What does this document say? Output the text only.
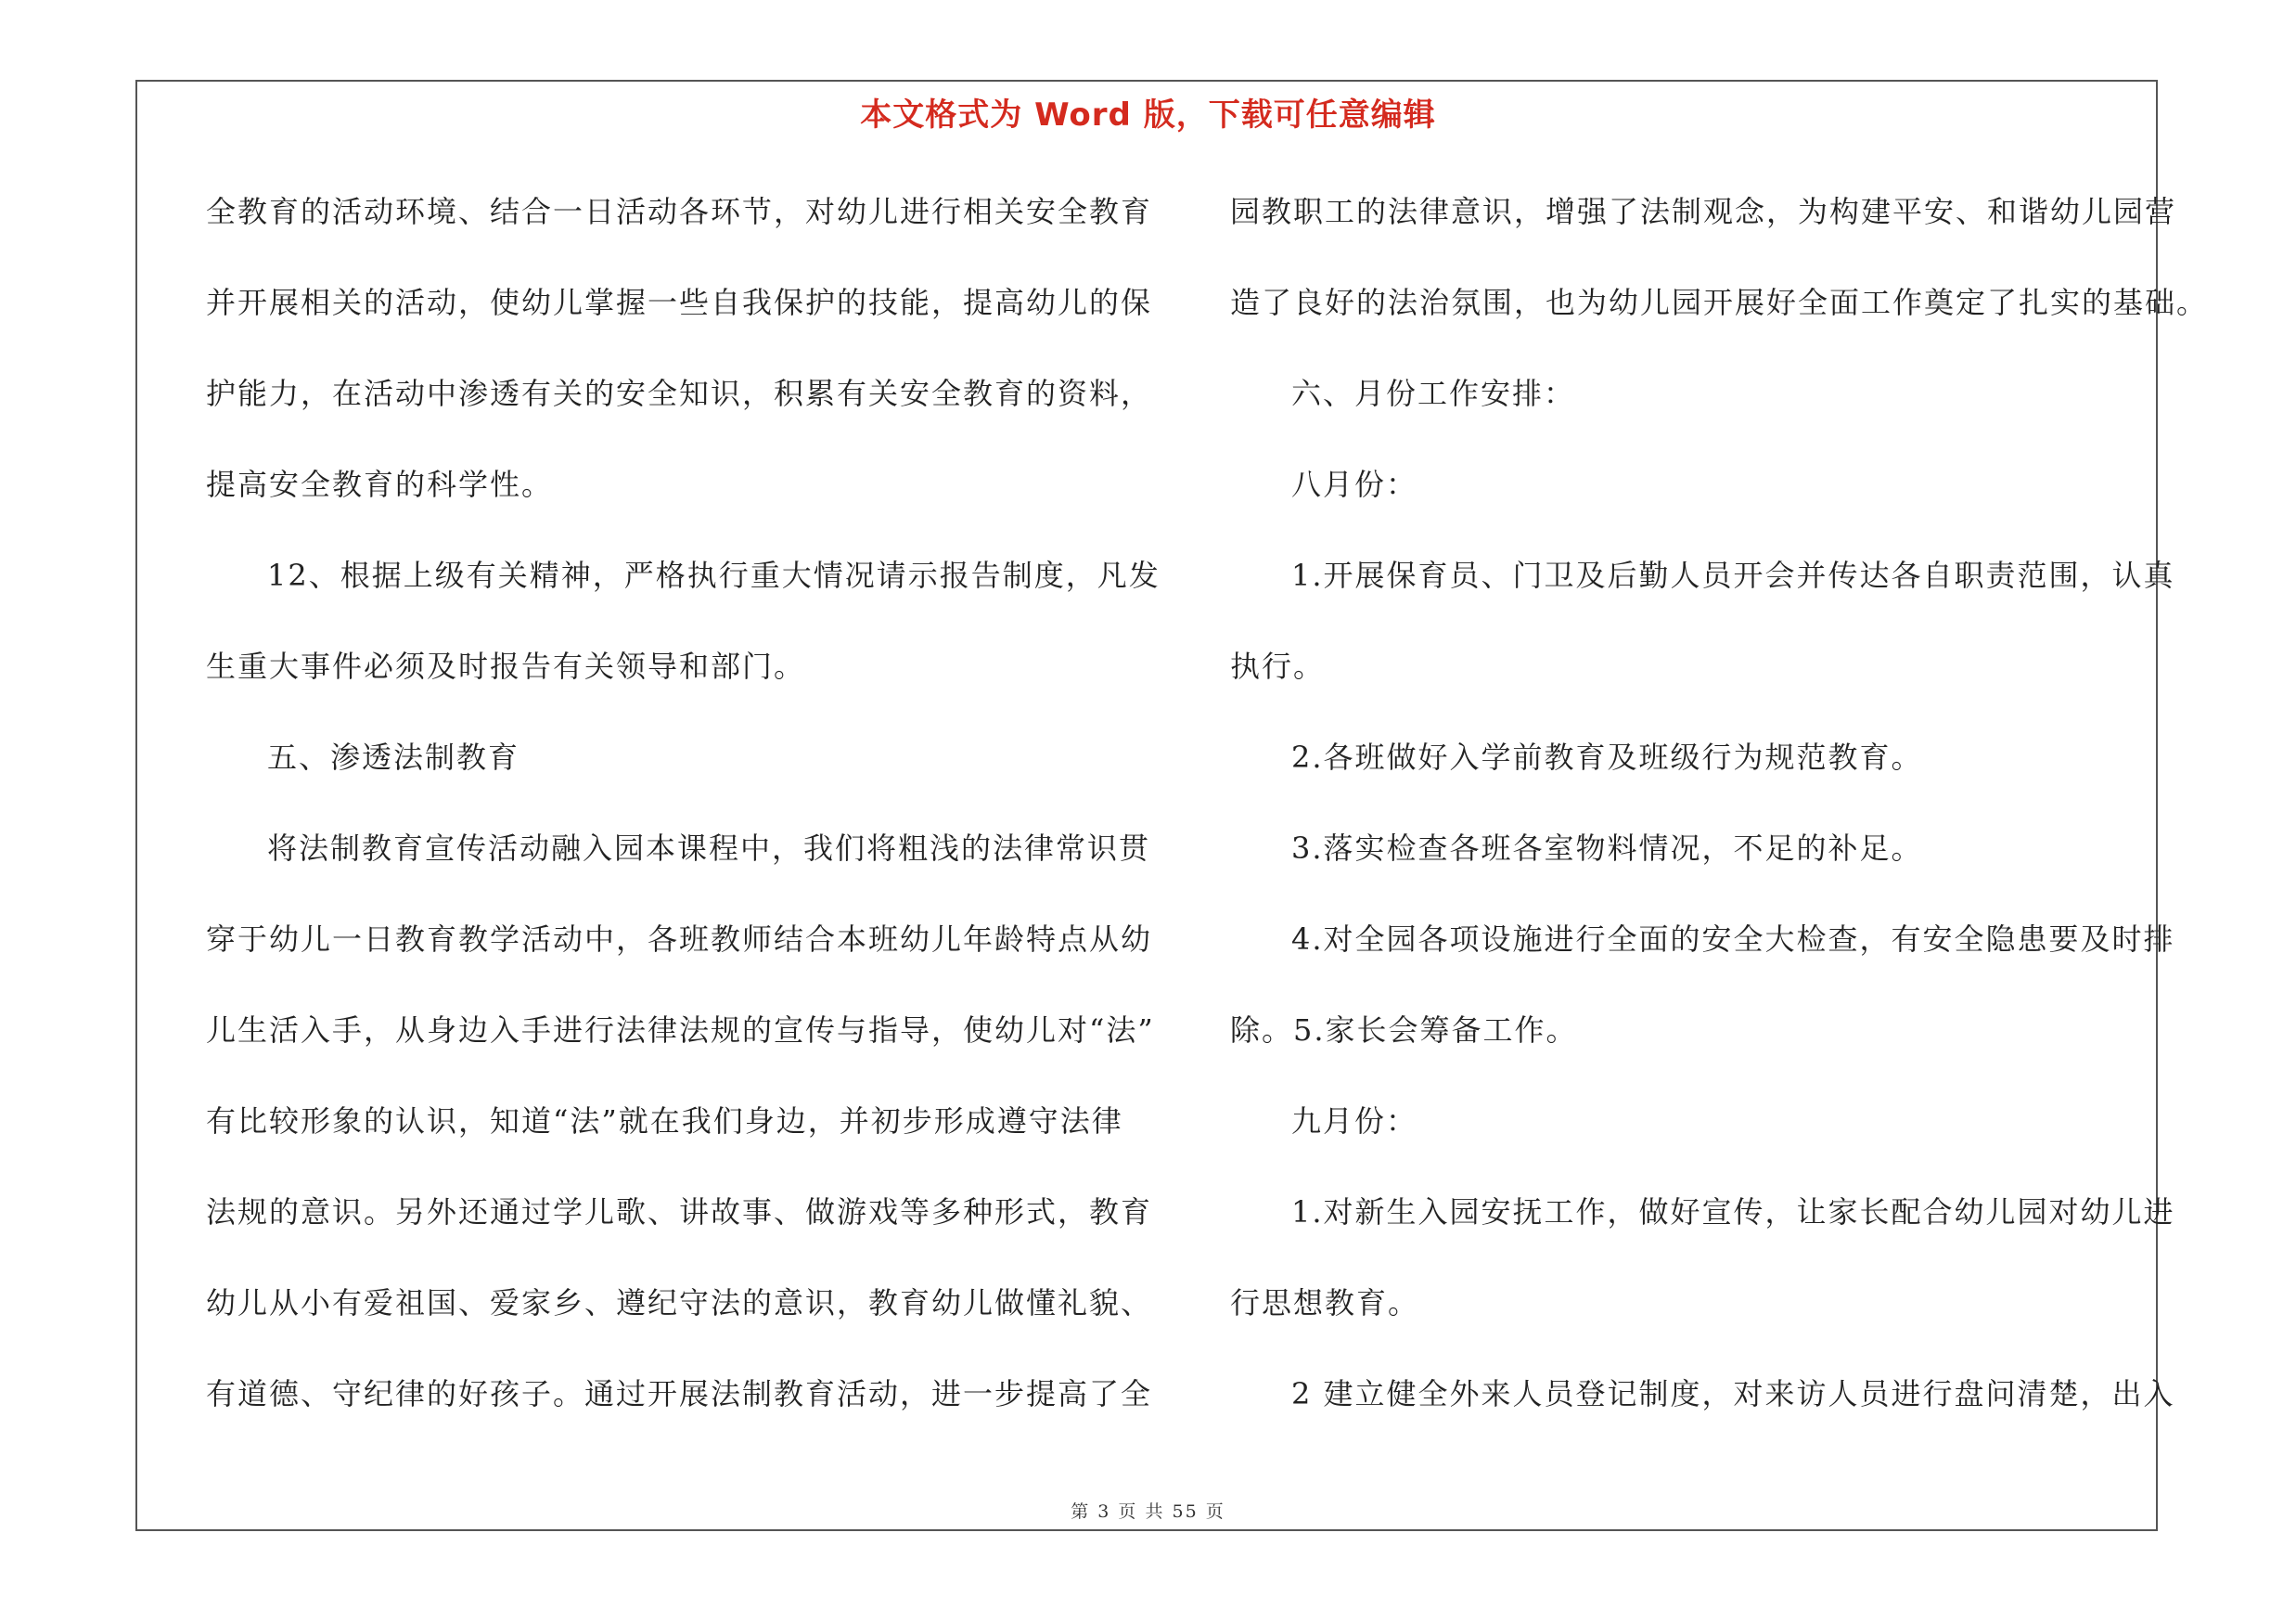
本文格式为 Word 版，下载可任意编辑
全教育的活动环境、结合一日活动各环节，对幼儿进行相关安全教育
并开展相关的活动，使幼儿掌握一些自我保护的技能，提高幼儿的保
护能力，在活动中渗透有关的安全知识，积累有关安全教育的资料，
提高安全教育的科学性。
12、根据上级有关精神，严格执行重大情况请示报告制度，凡发
生重大事件必须及时报告有关领导和部门。
五、渗透法制教育
将法制教育宣传活动融入园本课程中，我们将粗浅的法律常识贯
穿于幼儿一日教育教学活动中，各班教师结合本班幼儿年龄特点从幼
儿生活入手，从身边入手进行法律法规的宣传与指导，使幼儿对“法”
有比较形象的认识，知道“法”就在我们身边，并初步形成遵守法律
法规的意识。另外还通过学儿歌、讲故事、做游戏等多种形式，教育
幼儿从小有爱祖国、爱家乡、遵纪守法的意识，教育幼儿做懂礼貌、
有道德、守纪律的好孩子。通过开展法制教育活动，进一步提高了全
园教职工的法律意识，增强了法制观念，为构建平安、和谐幼儿园营
造了良好的法治氛围，也为幼儿园开展好全面工作奠定了扎实的基础。
六、月份工作安排：
八月份：
1.开展保育员、门卫及后勤人员开会并传达各自职责范围，认真
执行。
2.各班做好入学前教育及班级行为规范教育。
3.落实检查各班各室物料情况，不足的补足。
4.对全园各项设施进行全面的安全大检查，有安全隐患要及时排
除。5.家长会筹备工作。
九月份：
1.对新生入园安抚工作，做好宣传，让家长配合幼儿园对幼儿进
行思想教育。
2 建立健全外来人员登记制度，对来访人员进行盘问清楚，出入
第 3 页 共 55 页
